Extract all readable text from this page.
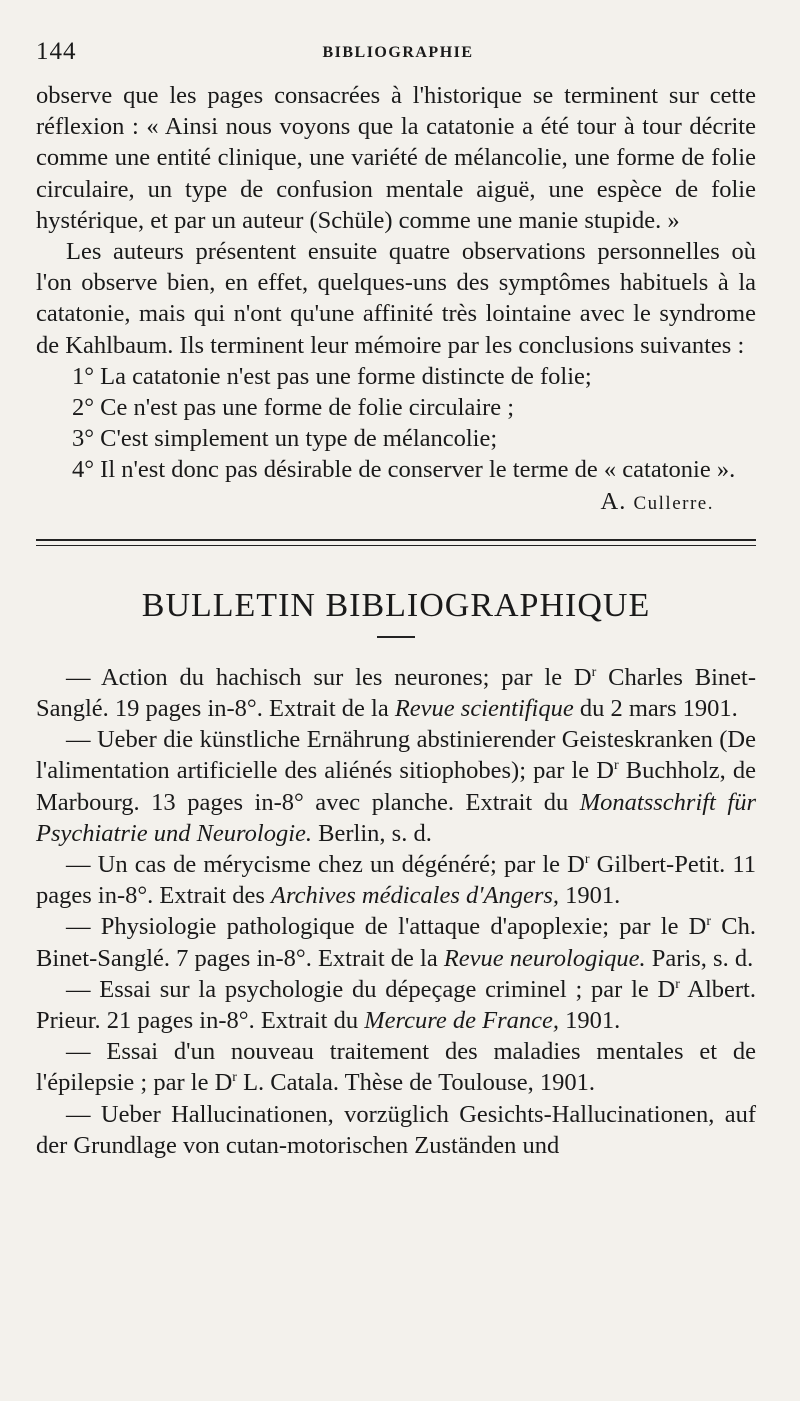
144	BIBLIOGRAPHIE

observe que les pages consacrées à l'historique se terminent sur cette réflexion : « Ainsi nous voyons que la catatonie a été tour à tour décrite comme une entité clinique, une variété de mélancolie, une forme de folie circulaire, un type de confusion mentale aiguë, une espèce de folie hystérique, et par un auteur (Schüle) comme une manie stupide. »

Les auteurs présentent ensuite quatre observations personnelles où l'on observe bien, en effet, quelques-uns des symptômes habituels à la catatonie, mais qui n'ont qu'une affinité très lointaine avec le syndrome de Kahlbaum. Ils terminent leur mémoire par les conclusions suivantes :

1° La catatonie n'est pas une forme distincte de folie;

2° Ce n'est pas une forme de folie circulaire ;

3° C'est simplement un type de mélancolie;

4° Il n'est donc pas désirable de conserver le terme de « catatonie ».

A. Cullerre.

BULLETIN BIBLIOGRAPHIQUE

— Action du hachisch sur les neurones; par le $D^r$ Charles Binet-Sanglé. 19 pages in-8°. Extrait de la Revue scientifique du 2 mars 1901.

— Ueber die künstliche Ernährung abstinierender Geisteskranken (De l'alimentation artificielle des aliénés sitiophobes); par le $D^r$ Buchholz, de Marbourg. 13 pages in-8° avec planche. Extrait du Monatsschrift für Psychiatrie und Neurologie. Berlin, s. d.

— Un cas de mérycisme chez un dégénéré; par le $D^r$ Gilbert-Petit. 11 pages in-8°. Extrait des Archives médicales d'Angers, 1901.

— Physiologie pathologique de l'attaque d'apoplexie; par le $D^r$ Ch. Binet-Sanglé. 7 pages in-8°. Extrait de la Revue neurologique. Paris, s. d.

— Essai sur la psychologie du dépeçage criminel ; par le $D^r$ Albert. Prieur. 21 pages in-8°. Extrait du Mercure de France, 1901.

— Essai d'un nouveau traitement des maladies mentales et de l'épilepsie ; par le $D^r$ L. Catala. Thèse de Toulouse, 1901.

— Ueber Hallucinationen, vorzüglich Gesichts-Hallucinationen, auf der Grundlage von cutan-motorischen Zuständen und
